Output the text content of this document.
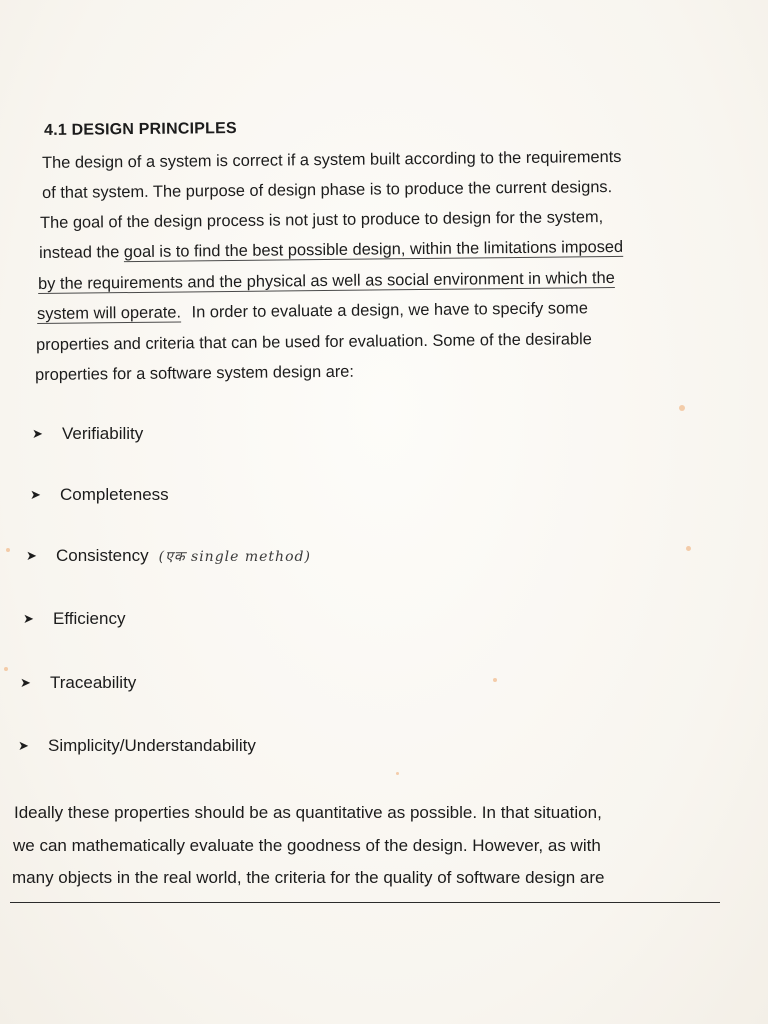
4.1 DESIGN PRINCIPLES
The design of a system is correct if a system built according to the requirements
of that system. The purpose of design phase is to produce the current designs.
The goal of the design process is not just to produce to design for the system,
instead the goal is to find the best possible design, within the limitations imposed
by the requirements and the physical as well as social environment in which the
system will operate. In order to evaluate a design, we have to specify some
properties and criteria that can be used for evaluation. Some of the desirable
properties for a software system design are:
➤	Verifiability
➤	Completeness
➤	Consistency (एक single method)
➤	Efficiency
➤	Traceability
➤	Simplicity/Understandability
Ideally these properties should be as quantitative as possible. In that situation,
we can mathematically evaluate the goodness of the design. However, as with
many objects in the real world, the criteria for the quality of software design are
